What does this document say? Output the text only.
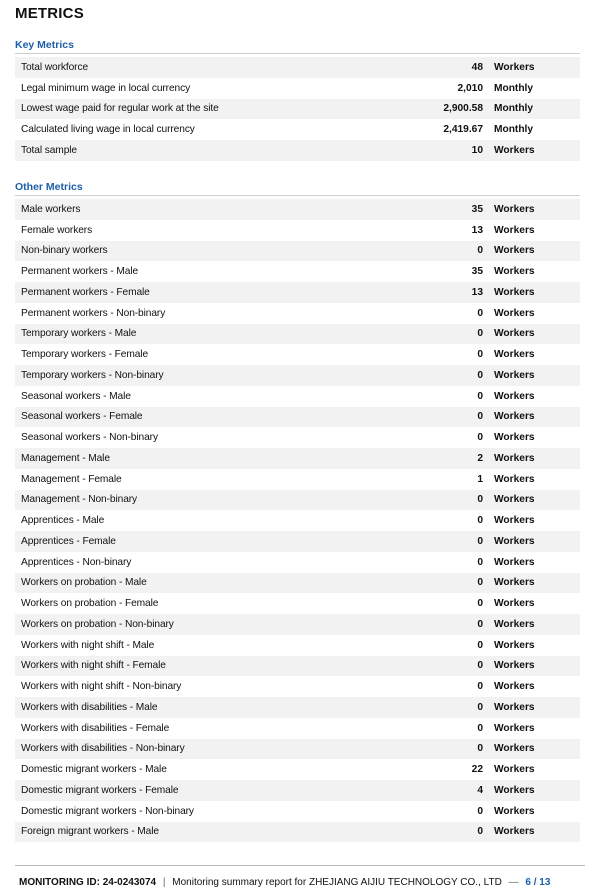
METRICS
Key Metrics
Total workforce	48	Workers
Legal minimum wage in local currency	2,010	Monthly
Lowest wage paid for regular work at the site	2,900.58	Monthly
Calculated living wage in local currency	2,419.67	Monthly
Total sample	10	Workers
Other Metrics
Male workers	35	Workers
Female workers	13	Workers
Non-binary workers	0	Workers
Permanent workers - Male	35	Workers
Permanent workers - Female	13	Workers
Permanent workers - Non-binary	0	Workers
Temporary workers - Male	0	Workers
Temporary workers - Female	0	Workers
Temporary workers - Non-binary	0	Workers
Seasonal workers - Male	0	Workers
Seasonal workers - Female	0	Workers
Seasonal workers - Non-binary	0	Workers
Management - Male	2	Workers
Management - Female	1	Workers
Management - Non-binary	0	Workers
Apprentices - Male	0	Workers
Apprentices - Female	0	Workers
Apprentices - Non-binary	0	Workers
Workers on probation - Male	0	Workers
Workers on probation - Female	0	Workers
Workers on probation - Non-binary	0	Workers
Workers with night shift - Male	0	Workers
Workers with night shift - Female	0	Workers
Workers with night shift - Non-binary	0	Workers
Workers with disabilities - Male	0	Workers
Workers with disabilities - Female	0	Workers
Workers with disabilities - Non-binary	0	Workers
Domestic migrant workers - Male	22	Workers
Domestic migrant workers - Female	4	Workers
Domestic migrant workers - Non-binary	0	Workers
Foreign migrant workers - Male	0	Workers
MONITORING ID: 24-0243074 | Monitoring summary report for ZHEJIANG AIJIU TECHNOLOGY CO., LTD — 6 / 13
